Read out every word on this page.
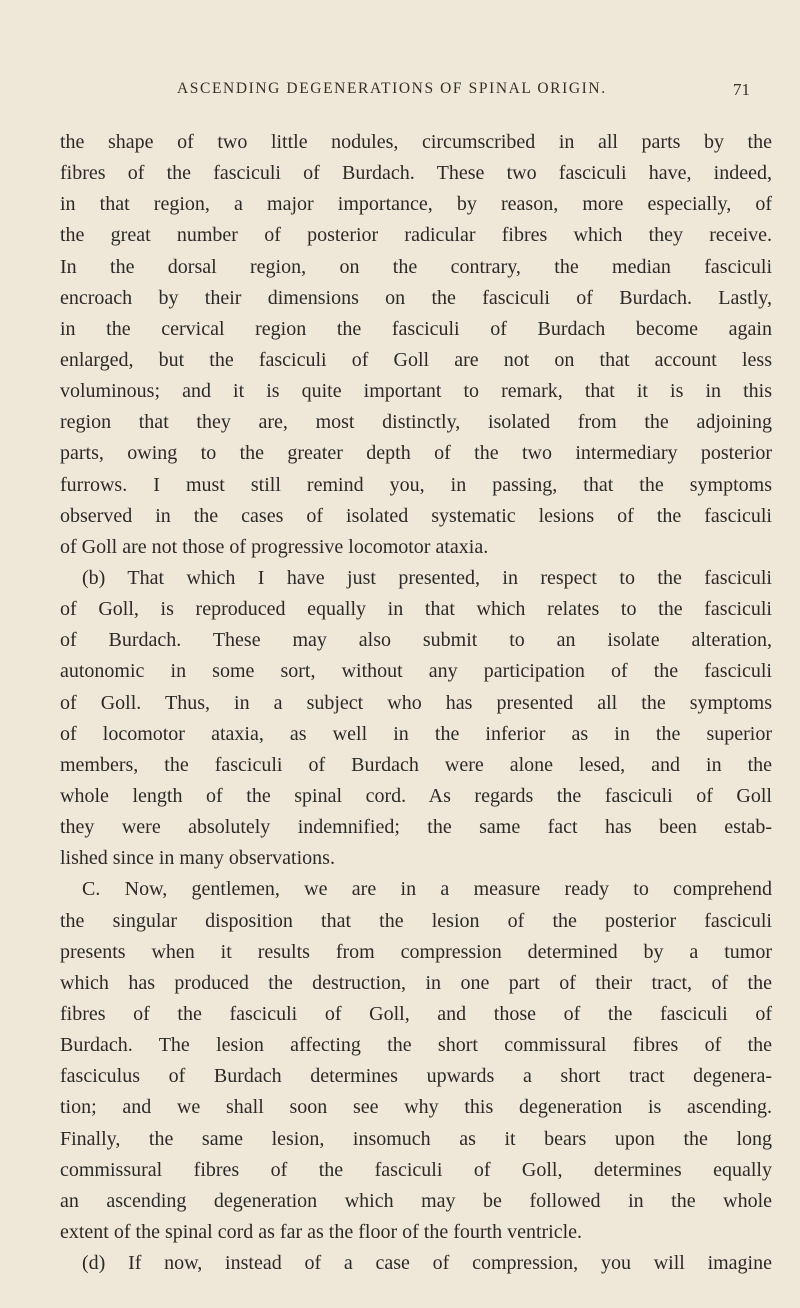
ASCENDING DEGENERATIONS OF SPINAL ORIGIN.	71
the shape of two little nodules, circumscribed in all parts by the
fibres of the fasciculi of Burdach. These two fasciculi have, indeed,
in that region, a major importance, by reason, more especially, of
the great number of posterior radicular fibres which they receive.
In the dorsal region, on the contrary, the median fasciculi
encroach by their dimensions on the fasciculi of Burdach. Lastly,
in the cervical region the fasciculi of Burdach become again
enlarged, but the fasciculi of Goll are not on that account less
voluminous; and it is quite important to remark, that it is in this
region that they are, most distinctly, isolated from the adjoining
parts, owing to the greater depth of the two intermediary posterior
furrows. I must still remind you, in passing, that the symptoms
observed in the cases of isolated systematic lesions of the fasciculi
of Goll are not those of progressive locomotor ataxia.
(b) That which I have just presented, in respect to the fasciculi
of Goll, is reproduced equally in that which relates to the fasciculi
of Burdach. These may also submit to an isolate alteration,
autonomic in some sort, without any participation of the fasciculi
of Goll. Thus, in a subject who has presented all the symptoms
of locomotor ataxia, as well in the inferior as in the superior
members, the fasciculi of Burdach were alone lesed, and in the
whole length of the spinal cord. As regards the fasciculi of Goll
they were absolutely indemnified; the same fact has been estab-
lished since in many observations.
C. Now, gentlemen, we are in a measure ready to comprehend
the singular disposition that the lesion of the posterior fasciculi
presents when it results from compression determined by a tumor
which has produced the destruction, in one part of their tract, of the
fibres of the fasciculi of Goll, and those of the fasciculi of
Burdach. The lesion affecting the short commissural fibres of the
fasciculus of Burdach determines upwards a short tract degenera-
tion; and we shall soon see why this degeneration is ascending.
Finally, the same lesion, insomuch as it bears upon the long
commissural fibres of the fasciculi of Goll, determines equally
an ascending degeneration which may be followed in the whole
extent of the spinal cord as far as the floor of the fourth ventricle.
(d) If now, instead of a case of compression, you will imagine
